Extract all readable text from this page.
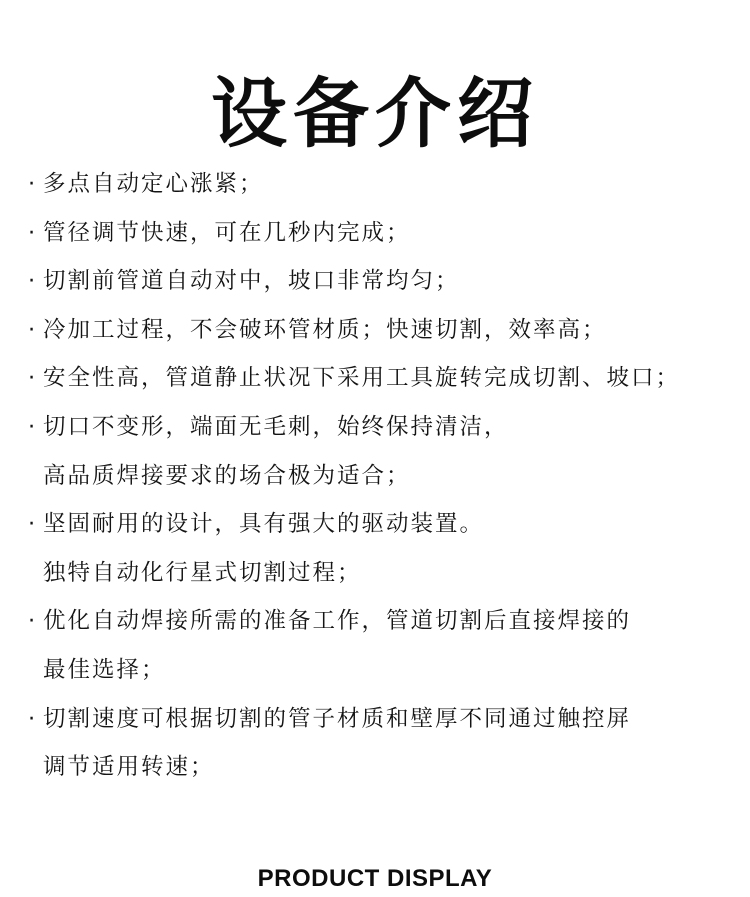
设备介绍
· 多点自动定心涨紧；
· 管径调节快速，可在几秒内完成；
· 切割前管道自动对中，坡口非常均匀；
· 冷加工过程，不会破环管材质；快速切割，效率高；
· 安全性高，管道静止状况下采用工具旋转完成切割、坡口；
· 切口不变形，端面无毛刺，始终保持清洁，
高品质焊接要求的场合极为适合；
· 坚固耐用的设计，具有强大的驱动装置。
独特自动化行星式切割过程；
· 优化自动焊接所需的准备工作，管道切割后直接焊接的
最佳选择；
· 切割速度可根据切割的管子材质和壁厚不同通过触控屏
调节适用转速；
PRODUCT DISPLAY
